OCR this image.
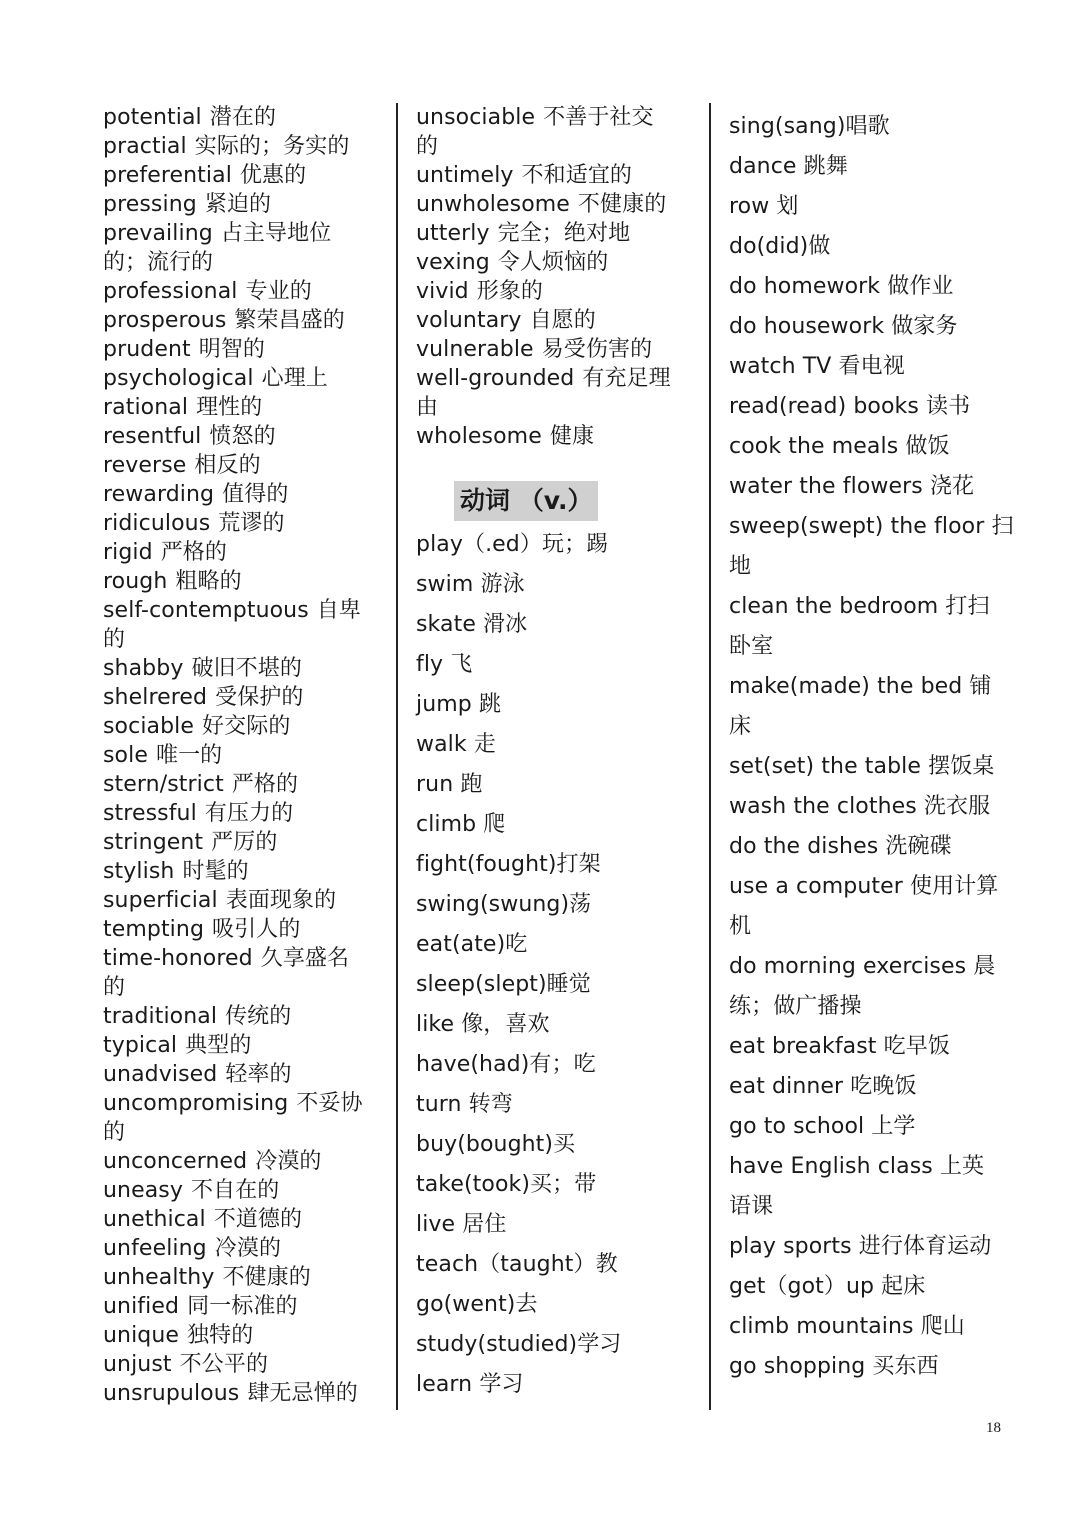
potential 潜在的
practial 实际的；务实的
preferential 优惠的
pressing 紧迫的
prevailing 占主导地位
的；流行的
professional 专业的
prosperous 繁荣昌盛的
prudent 明智的
psychological 心理上
rational 理性的
resentful 愤怒的
reverse 相反的
rewarding 值得的
ridiculous 荒谬的
rigid 严格的
rough 粗略的
self-contemptuous 自卑
的
shabby 破旧不堪的
shelrered 受保护的
sociable 好交际的
sole 唯一的
stern/strict 严格的
stressful 有压力的
stringent 严厉的
stylish 时髦的
superficial 表面现象的
tempting 吸引人的
time-honored 久享盛名
的
traditional 传统的
typical 典型的
unadvised 轻率的
uncompromising 不妥协
的
unconcerned 冷漠的
uneasy 不自在的
unethical 不道德的
unfeeling 冷漠的
unhealthy 不健康的
unified 同一标准的
unique 独特的
unjust 不公平的
unsrupulous 肆无忌惮的
unsociable 不善于社交
的
untimely 不和适宜的
unwholesome 不健康的
utterly 完全；绝对地
vexing 令人烦恼的
vivid 形象的
voluntary 自愿的
vulnerable 易受伤害的
well-grounded 有充足理
由
wholesome 健康
动词 （v.）
play（.ed）玩；踢
swim 游泳
skate 滑冰
fly 飞
jump 跳
walk 走
run 跑
climb 爬
fight(fought)打架
swing(swung)荡
eat(ate)吃
sleep(slept)睡觉
like 像，喜欢
have(had)有；吃
turn 转弯
buy(bought)买
take(took)买；带
live 居住
teach（taught）教
go(went)去
study(studied)学习
learn 学习
sing(sang)唱歌
dance 跳舞
row 划
do(did)做
do homework 做作业
do housework 做家务
watch TV 看电视
read(read) books 读书
cook the meals 做饭
water the flowers 浇花
sweep(swept) the floor 扫
地
clean the bedroom 打扫
卧室
make(made) the bed 铺
床
set(set) the table 摆饭桌
wash the clothes 洗衣服
do the dishes 洗碗碟
use a computer 使用计算
机
do morning exercises 晨
练；做广播操
eat breakfast 吃早饭
eat dinner 吃晚饭
go to school 上学
have English class 上英
语课
play sports 进行体育运动
get（got）up 起床
climb mountains 爬山
go shopping 买东西
18
